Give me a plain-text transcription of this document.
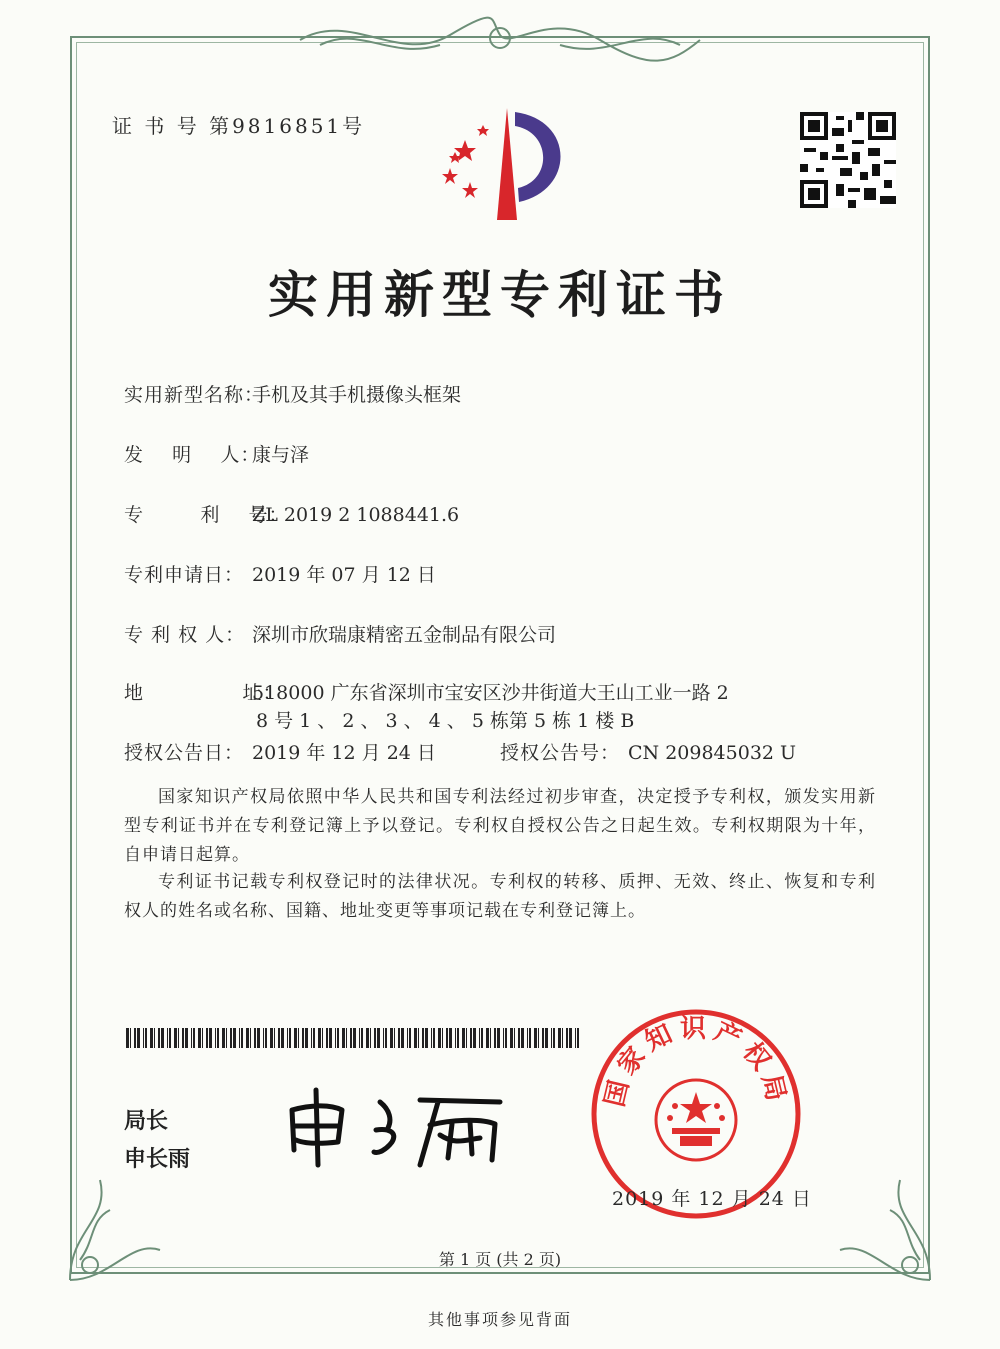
证 书 号 第9816851号
实用新型专利证书
实用新型名称：手机及其手机摄像头框架
发    明    人：康与泽
专        利    号：ZL 2019 2 1088441.6
专利申请日： 2019 年 07 月 12 日
专 利 权 人： 深圳市欣瑞康精密五金制品有限公司
地              址：518000 广东省深圳市宝安区沙井街道大王山工业一路 2
8 号 1 、 2 、 3 、 4 、 5 栋第 5 栋 1 楼 B
授权公告日： 2019 年 12 月 24 日	授权公告号： CN 209845032 U
国家知识产权局依照中华人民共和国专利法经过初步审查，决定授予专利权，颁发实用新型专利证书并在专利登记簿上予以登记。专利权自授权公告之日起生效。专利权期限为十年，自申请日起算。
专利证书记载专利权登记时的法律状况。专利权的转移、质押、无效、终止、恢复和专利权人的姓名或名称、国籍、地址变更等事项记载在专利登记簿上。
局长
申长雨
国家知识产权局
2019 年 12 月 24 日
第 1 页 (共 2 页)
其他事项参见背面
